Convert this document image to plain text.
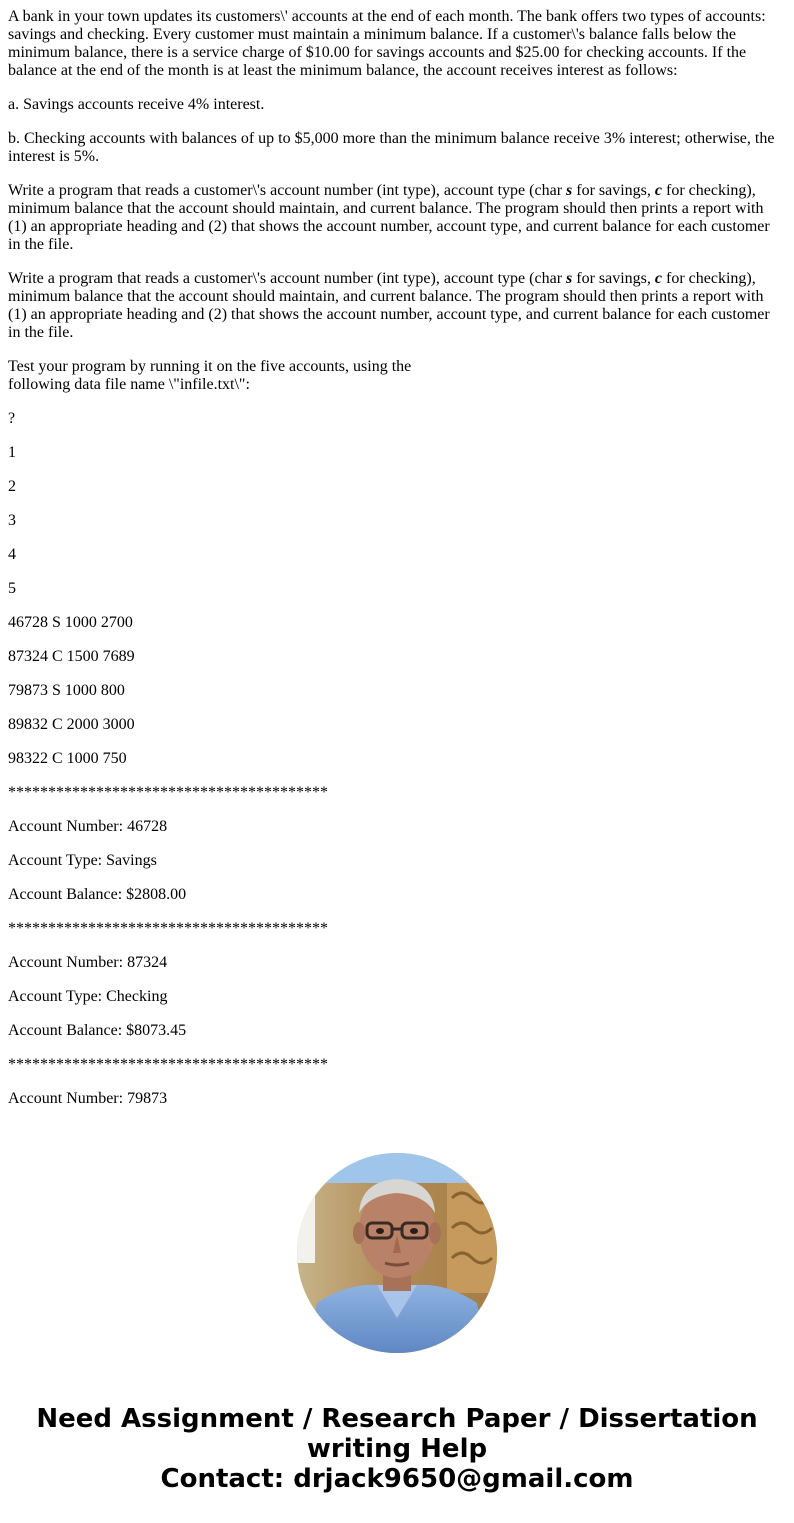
A bank in your town updates its customers\' accounts at the end of each month. The bank offers two types of accounts: savings and checking. Every customer must maintain a minimum balance. If a customer\'s balance falls below the minimum balance, there is a service charge of $10.00 for savings accounts and $25.00 for checking accounts. If the balance at the end of the month is at least the minimum balance, the account receives interest as follows:

a. Savings accounts receive 4% interest.

b. Checking accounts with balances of up to $5,000 more than the minimum balance receive 3% interest; otherwise, the interest is 5%.

Write a program that reads a customer\'s account number (int type), account type (char s for savings, c for checking), minimum balance that the account should maintain, and current balance. The program should then prints a report with (1) an appropriate heading and (2) that shows the account number, account type, and current balance for each customer in the file.

Write a program that reads a customer\'s account number (int type), account type (char s for savings, c for checking), minimum balance that the account should maintain, and current balance. The program should then prints a report with (1) an appropriate heading and (2) that shows the account number, account type, and current balance for each customer in the file.

Test your program by running it on the five accounts, using the
following data file name \"infile.txt\":

?

1

2

3

4

5

46728 S 1000 2700

87324 C 1500 7689

79873 S 1000 800

89832 C 2000 3000

98322 C 1000 750

****************************************

Account Number: 46728

Account Type: Savings

Account Balance: $2808.00

****************************************

Account Number: 87324

Account Type: Checking

Account Balance: $8073.45

****************************************

Account Number: 79873

Need Assignment / Research Paper / Dissertation
writing Help
Contact: drjack9650@gmail.com
